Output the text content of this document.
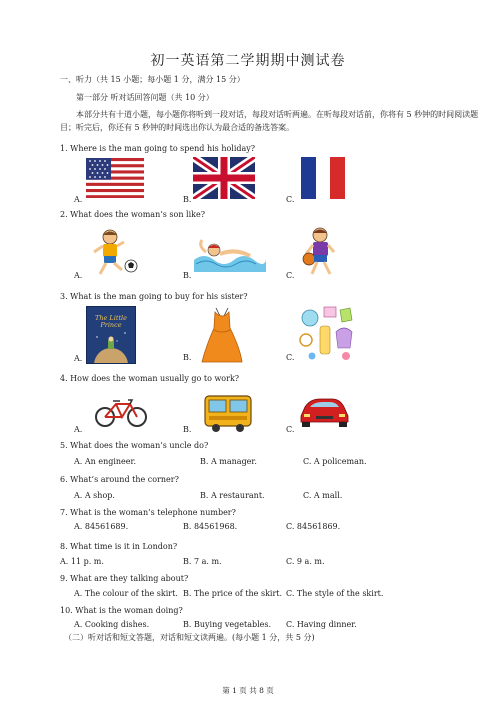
初一英语第二学期期中测试卷
一、听力（共 15 小题；每小题 1 分，满分 15 分）
第一部分 听对话回答问题（共 10 分）
本部分共有十道小题，每小题你将听到一段对话，每段对话听两遍。在听每段对话前，你将有 5 秒钟的时间阅读题目；听完后，你还有 5 秒钟的时间选出你认为最合适的备选答案。
1. Where is the man going to spend his holiday?
A.	B.	C.
2. What does the woman’s son like?
A.	B.	C.
3. What is the man going to buy for his sister?
The Little Prince
A．	B.	C.
4. How does the woman usually go to work?
A.	B.	C.
5. What does the woman’s uncle do?
A. An engineer.	B. A manager.	C. A policeman.
6. What’s around the corner?
A. A shop.	B. A restaurant.	C. A mall.
7. What is the woman’s telephone number?
A. 84561689.	B. 84561968.	C. 84561869.
8. What time is it in London?
A. 11 p. m.	B. 7 a. m.	C. 9 a. m.
9. What are they talking about?
A. The colour of the skirt. B. The price of the skirt. C. The style of the skirt.
10. What is the woman doing?
A. Cooking dishes.	B. Buying vegetables. C. Having dinner.
（二）听对话和短文答题，对话和短文读两遍。(每小题 1 分，共 5 分)
第 1 页 共 8 页
